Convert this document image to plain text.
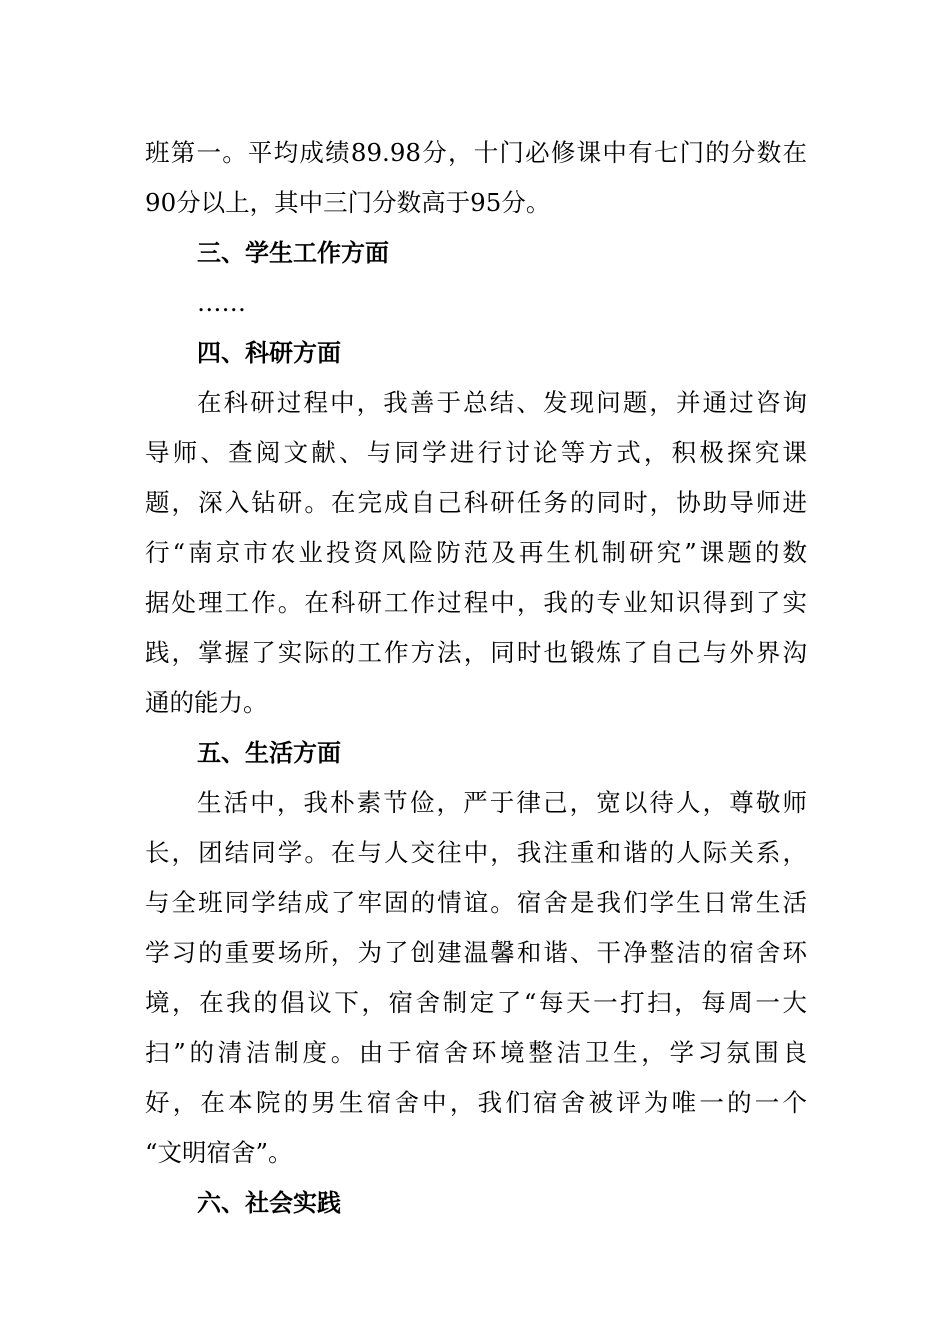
班第一。平均成绩89.98分，十门必修课中有七门的分数在
90分以上，其中三门分数高于95分。
三、学生工作方面
……
四、科研方面
在科研过程中，我善于总结、发现问题，并通过咨询
导师、查阅文献、与同学进行讨论等方式，积极探究课
题，深入钻研。在完成自己科研任务的同时，协助导师进
行“南京市农业投资风险防范及再生机制研究”课题的数
据处理工作。在科研工作过程中，我的专业知识得到了实
践，掌握了实际的工作方法，同时也锻炼了自己与外界沟
通的能力。
五、生活方面
生活中，我朴素节俭，严于律己，宽以待人，尊敬师
长，团结同学。在与人交往中，我注重和谐的人际关系，
与全班同学结成了牢固的情谊。宿舍是我们学生日常生活
学习的重要场所，为了创建温馨和谐、干净整洁的宿舍环
境，在我的倡议下，宿舍制定了“每天一打扫，每周一大
扫”的清洁制度。由于宿舍环境整洁卫生，学习氛围良
好，在本院的男生宿舍中，我们宿舍被评为唯一的一个
“文明宿舍”。
六、社会实践
